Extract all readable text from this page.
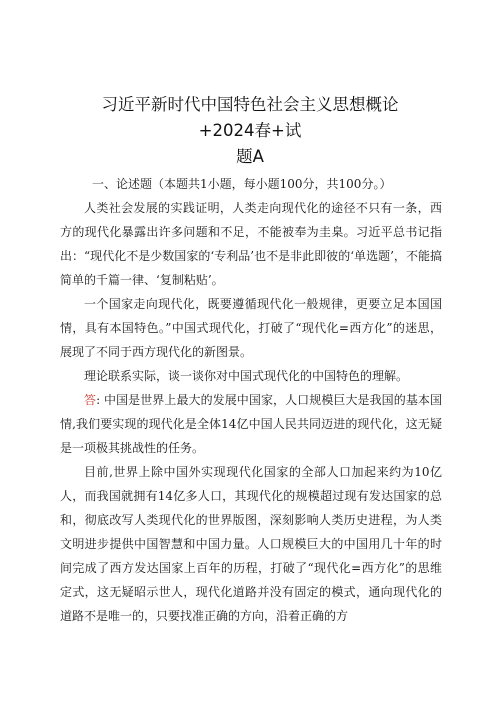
习近平新时代中国特色社会主义思想概论+2024春+试
题A

一、论述题（本题共1小题，每小题100分，共100分。）

人类社会发展的实践证明，人类走向现代化的途径不只有一条，西方的现代化暴露出许多问题和不足，不能被奉为圭臬。习近平总书记指出：“现代化不是少数国家的‘专利品’也不是非此即彼的‘单选题’，不能搞简单的千篇一律、‘复制粘贴’。

一个国家走向现代化，既要遵循现代化一般规律，更要立足本国国情，具有本国特色。”中国式现代化，打破了“现代化=西方化”的迷思，展现了不同于西方现代化的新图景。

理论联系实际，谈一谈你对中国式现代化的中国特色的理解。

答: 中国是世界上最大的发展中国家，人口规模巨大是我国的基本国情,我们要实现的现代化是全体14亿中国人民共同迈进的现代化，这无疑是一项极其挑战性的任务。

目前,世界上除中国外实现现代化国家的全部人口加起来约为10亿人，而我国就拥有14亿多人口，其现代化的规模超过现有发达国家的总和，彻底改写人类现代化的世界版图，深刻影响人类历史进程，为人类文明进步提供中国智慧和中国力量。人口规模巨大的中国用几十年的时间完成了西方发达国家上百年的历程，打破了“现代化=西方化”的思维定式，这无疑昭示世人，现代化道路并没有固定的模式，通向现代化的道路不是唯一的，只要找准正确的方向，沿着正确的方
